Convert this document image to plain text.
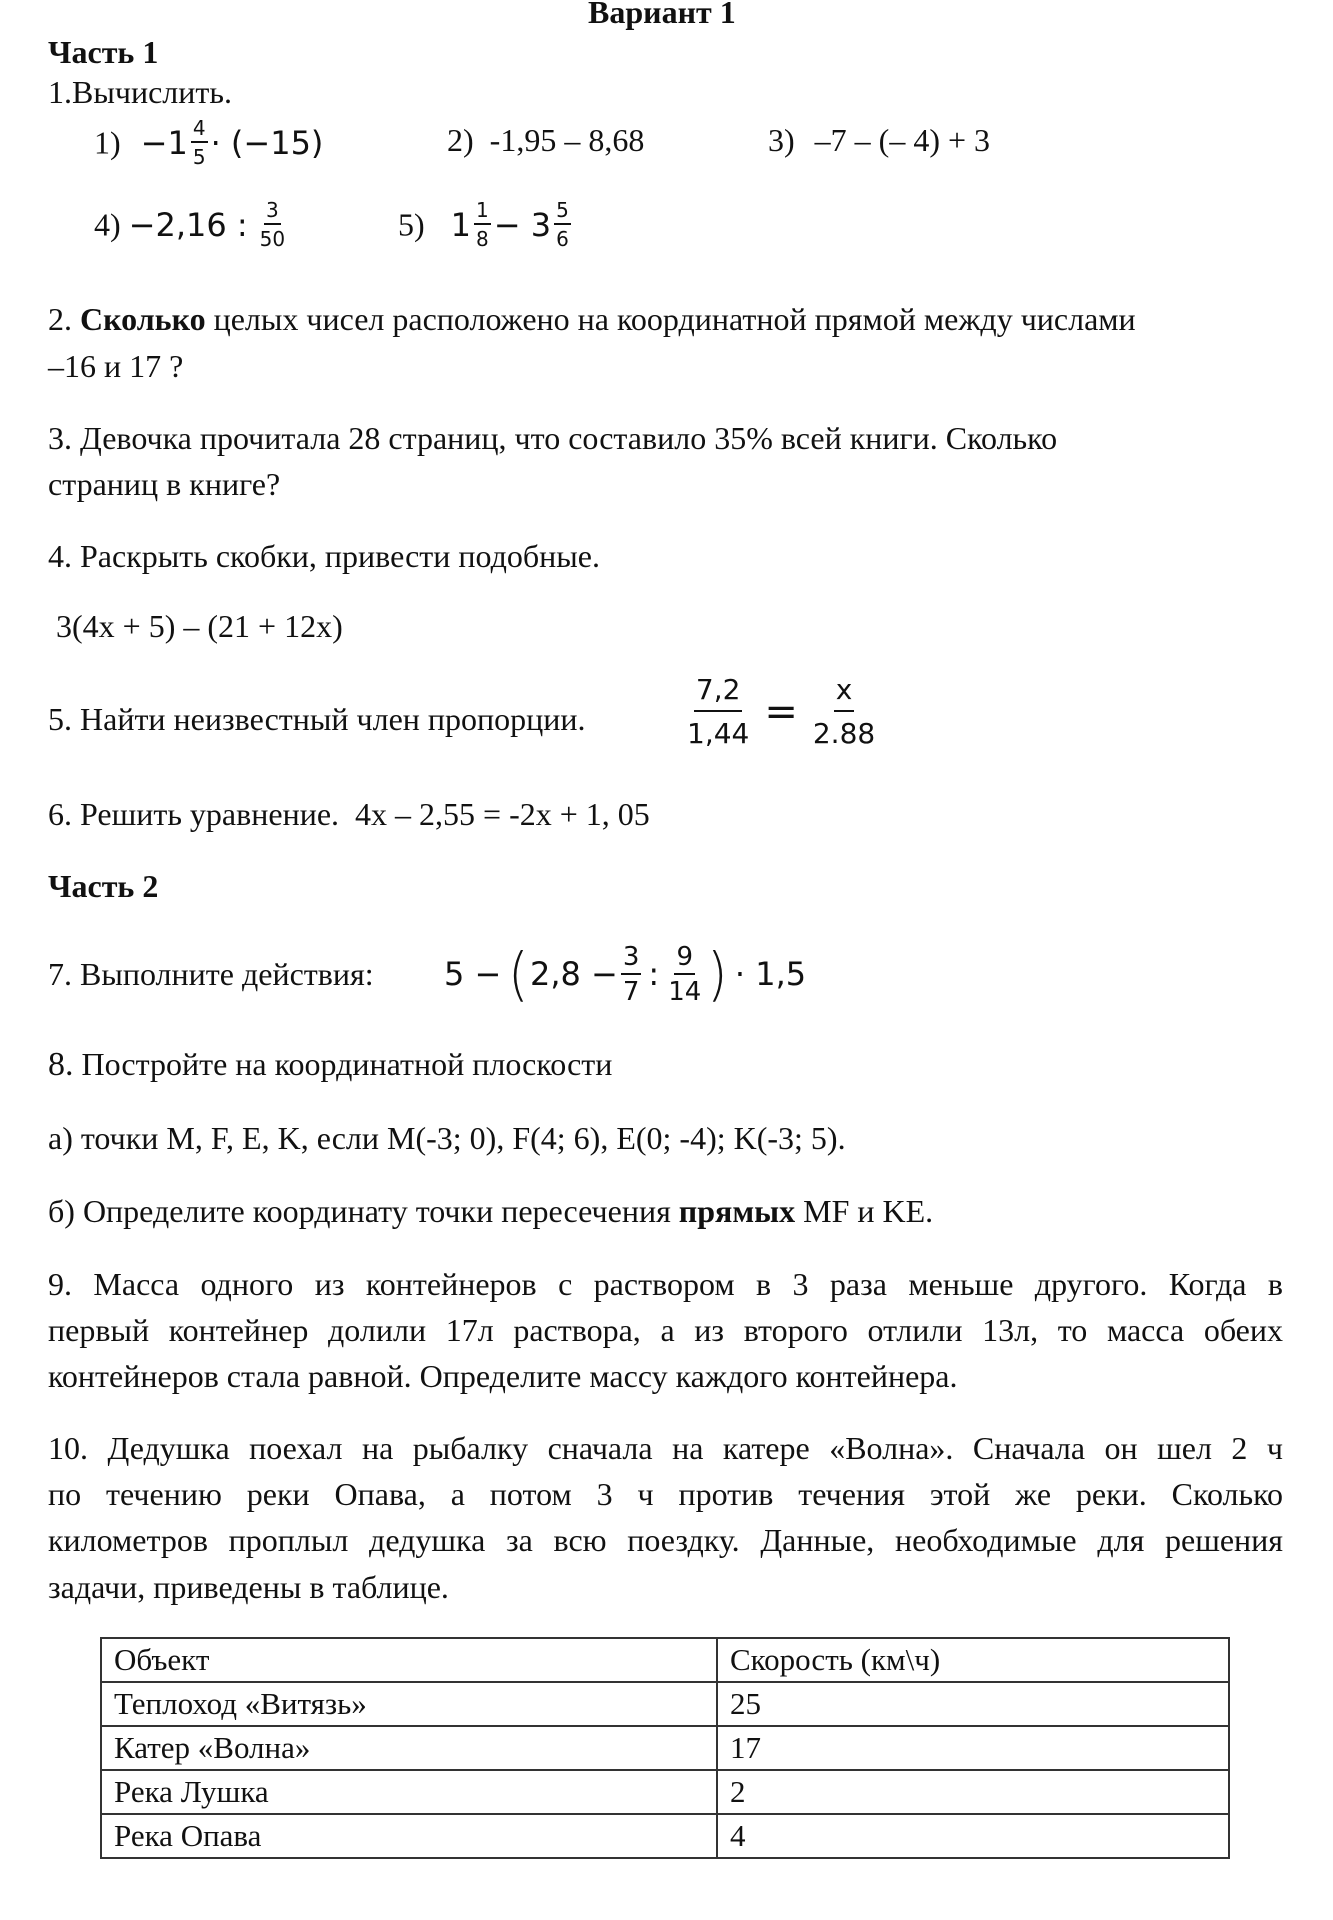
Вариант 1
Часть 1
1.Вычислить.
$1) -1 \frac{4}{5} \cdot (-15)$	2) -1,95 – 8,68	3) –7 – (– 4) + 3
4) −2,16 : $\frac{3}{50}$	5) $1 \frac{1}{8} - 3 \frac{5}{6}$
2. Сколько целых чисел расположено на координатной прямой между числами
–16 и 17 ?
3. Девочка прочитала 28 страниц, что составило 35% всей книги. Сколько
страниц в книге?
4. Раскрыть скобки, привести подобные.
3(4х + 5) – (21 + 12х)
5. Найти неизвестный член пропорции.	$\frac{7,2}{1,44} = \frac{x}{2.88}$
6. Решить уравнение. 4х – 2,55 = -2х + 1, 05
Часть 2
7. Выполните действия: 5 − ( $2,8 - \frac{3}{7}$ : $\frac{9}{14}$ ) · 1,5
8. Постройте на координатной плоскости
а) точки M, F, E, K, если M(-3; 0), F(4; 6), E(0; -4); K(-3; 5).
б) Определите координату точки пересечения прямых MF и KE.
9. Масса одного из контейнеров с раствором в 3 раза меньше другого. Когда в
первый контейнер долили 17л раствора, а из второго отлили 13л, то масса обеих
контейнеров стала равной. Определите массу каждого контейнера.
10. Дедушка поехал на рыбалку сначала на катере «Волна». Сначала он шел 2 ч
по течению реки Опава, а потом 3 ч против течения этой же реки. Сколько
километров проплыл дедушка за всю поездку. Данные, необходимые для решения
задачи, приведены в таблице.
Объект	Скорость (км\ч)
Теплоход «Витязь»	25
Катер «Волна»	17
Река Лушка	2
Река Опава	4
